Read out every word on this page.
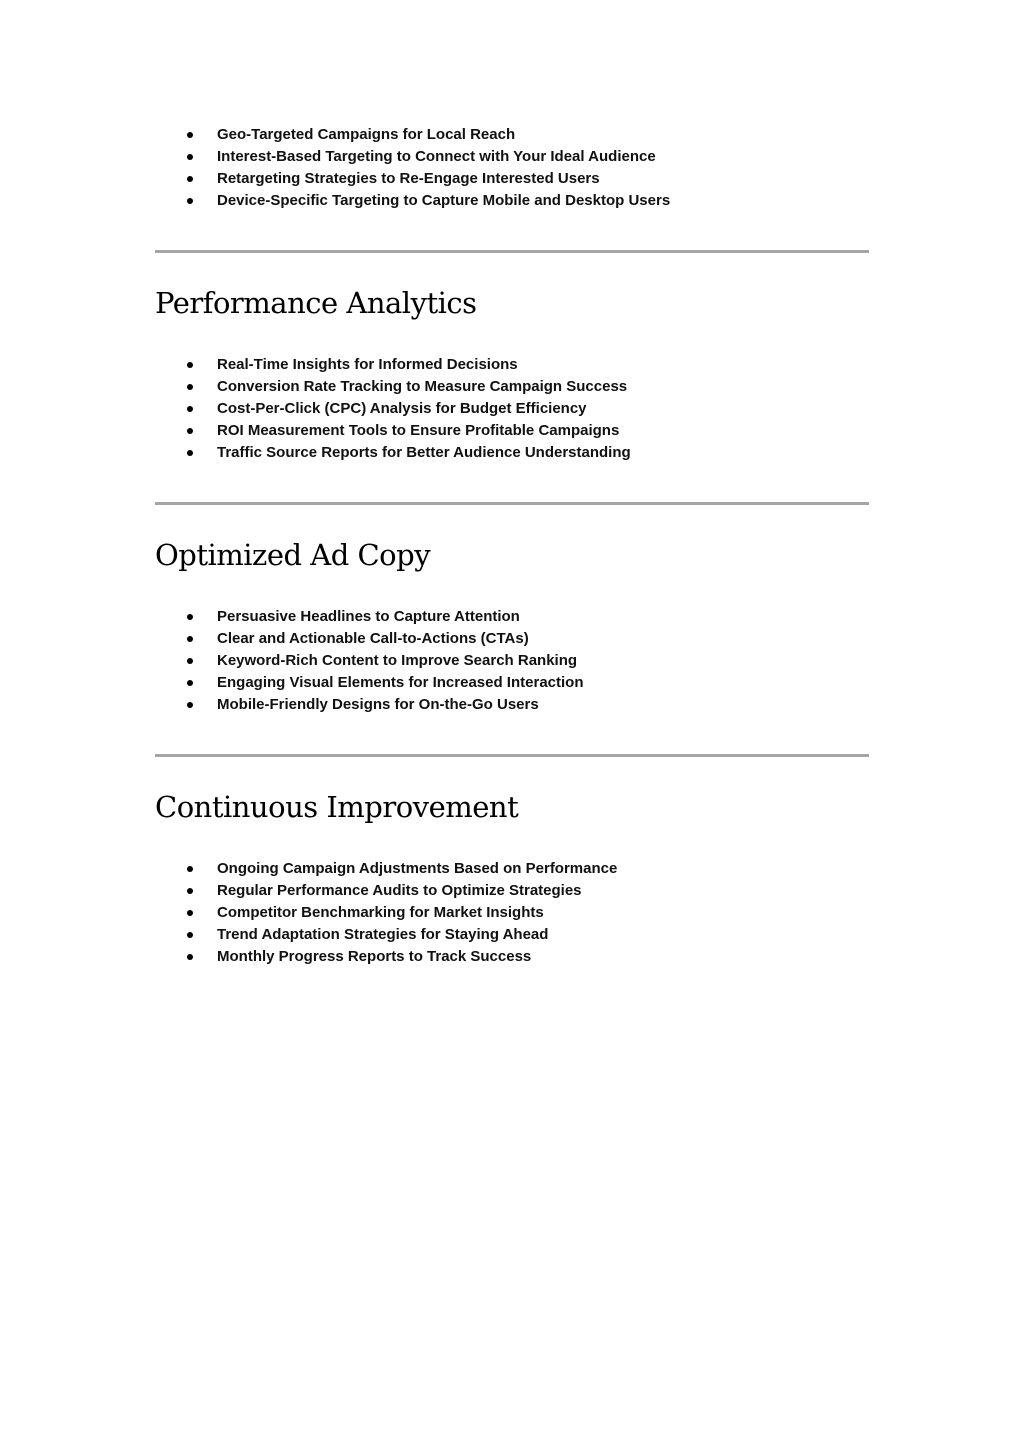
Geo-Targeted Campaigns for Local Reach
Interest-Based Targeting to Connect with Your Ideal Audience
Retargeting Strategies to Re-Engage Interested Users
Device-Specific Targeting to Capture Mobile and Desktop Users
Performance Analytics
Real-Time Insights for Informed Decisions
Conversion Rate Tracking to Measure Campaign Success
Cost-Per-Click (CPC) Analysis for Budget Efficiency
ROI Measurement Tools to Ensure Profitable Campaigns
Traffic Source Reports for Better Audience Understanding
Optimized Ad Copy
Persuasive Headlines to Capture Attention
Clear and Actionable Call-to-Actions (CTAs)
Keyword-Rich Content to Improve Search Ranking
Engaging Visual Elements for Increased Interaction
Mobile-Friendly Designs for On-the-Go Users
Continuous Improvement
Ongoing Campaign Adjustments Based on Performance
Regular Performance Audits to Optimize Strategies
Competitor Benchmarking for Market Insights
Trend Adaptation Strategies for Staying Ahead
Monthly Progress Reports to Track Success
